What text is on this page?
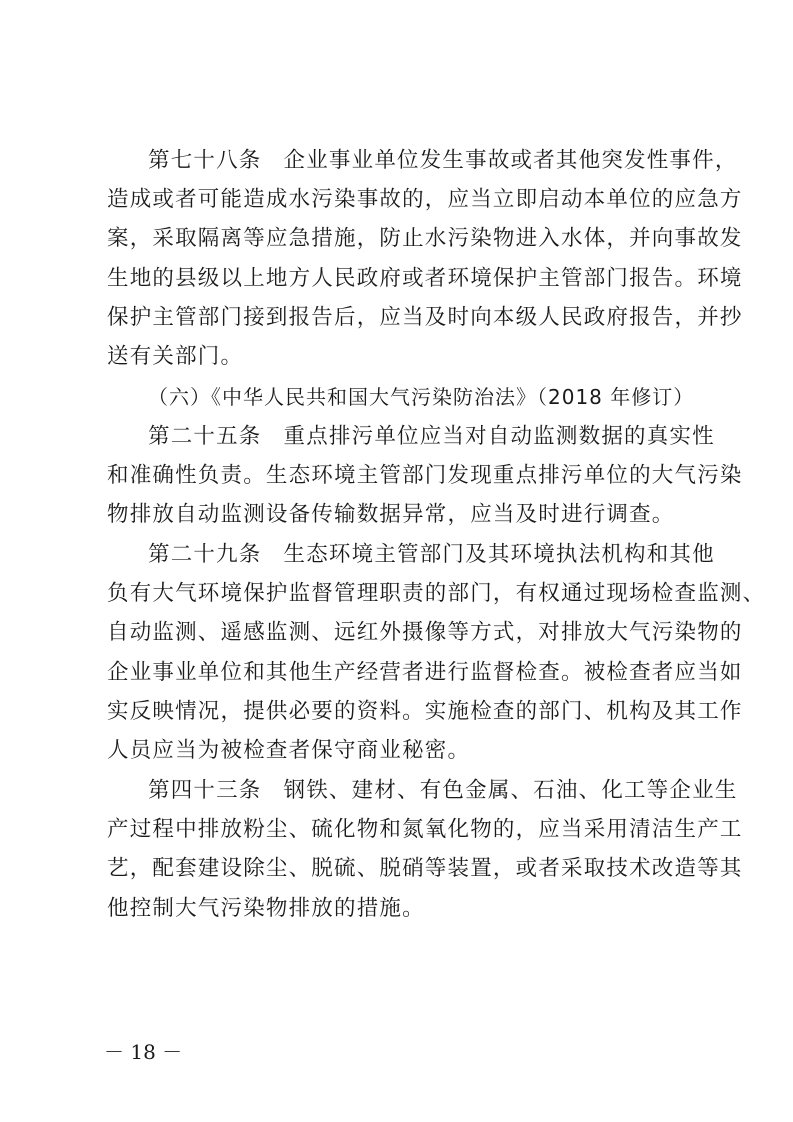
第七十八条 企业事业单位发生事故或者其他突发性事件，
造成或者可能造成水污染事故的，应当立即启动本单位的应急方
案，采取隔离等应急措施，防止水污染物进入水体，并向事故发
生地的县级以上地方人民政府或者环境保护主管部门报告。环境
保护主管部门接到报告后，应当及时向本级人民政府报告，并抄
送有关部门。
（六）《中华人民共和国大气污染防治法》（2018 年修订）
第二十五条 重点排污单位应当对自动监测数据的真实性
和准确性负责。生态环境主管部门发现重点排污单位的大气污染
物排放自动监测设备传输数据异常，应当及时进行调查。
第二十九条 生态环境主管部门及其环境执法机构和其他
负有大气环境保护监督管理职责的部门，有权通过现场检查监测、
自动监测、遥感监测、远红外摄像等方式，对排放大气污染物的
企业事业单位和其他生产经营者进行监督检查。被检查者应当如
实反映情况，提供必要的资料。实施检查的部门、机构及其工作
人员应当为被检查者保守商业秘密。
第四十三条 钢铁、建材、有色金属、石油、化工等企业生
产过程中排放粉尘、硫化物和氮氧化物的，应当采用清洁生产工
艺，配套建设除尘、脱硫、脱硝等装置，或者采取技术改造等其
他控制大气污染物排放的措施。
－ 18 －
